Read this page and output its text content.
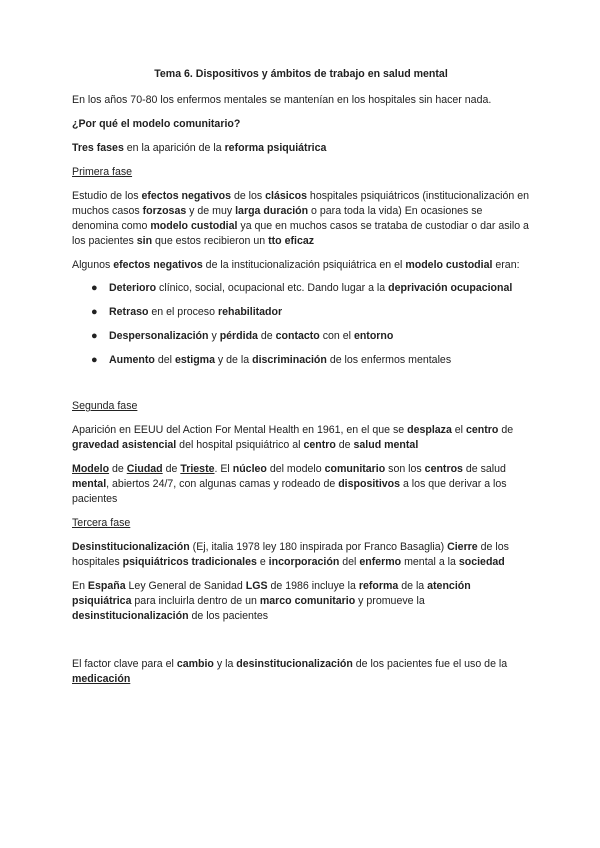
Tema 6. Dispositivos y ámbitos de trabajo en salud mental

En los años 70-80 los enfermos mentales se mantenían en los hospitales sin hacer nada.

¿Por qué el modelo comunitario?

Tres fases en la aparición de la reforma psiquiátrica

Primera fase

Estudio de los efectos negativos de los clásicos hospitales psiquiátricos (institucionalización en muchos casos forzosas y de muy larga duración o para toda la vida) En ocasiones se denomina como modelo custodial ya que en muchos casos se trataba de custodiar o dar asilo a los pacientes sin que estos recibieron un tto eficaz

Algunos efectos negativos de la institucionalización psiquiátrica en el modelo custodial eran:

● Deterioro clínico, social, ocupacional etc. Dando lugar a la deprivación ocupacional
● Retraso en el proceso rehabilitador
● Despersonalización y pérdida de contacto con el entorno
● Aumento del estigma y de la discriminación de los enfermos mentales

Segunda fase

Aparición en EEUU del Action For Mental Health en 1961, en el que se desplaza el centro de gravedad asistencial del hospital psiquiátrico al centro de salud mental

Modelo de Ciudad de Trieste. El núcleo del modelo comunitario son los centros de salud mental, abiertos 24/7, con algunas camas y rodeado de dispositivos a los que derivar a los pacientes

Tercera fase

Desinstitucionalización (Ej, italia 1978 ley 180 inspirada por Franco Basaglia) Cierre de los hospitales psiquiátricos tradicionales e incorporación del enfermo mental a la sociedad

En España Ley General de Sanidad LGS de 1986 incluye la reforma de la atención psiquiátrica para incluirla dentro de un marco comunitario y promueve la desinstitucionalización de los pacientes

El factor clave para el cambio y la desinstitucionalización de los pacientes fue el uso de la medicación
